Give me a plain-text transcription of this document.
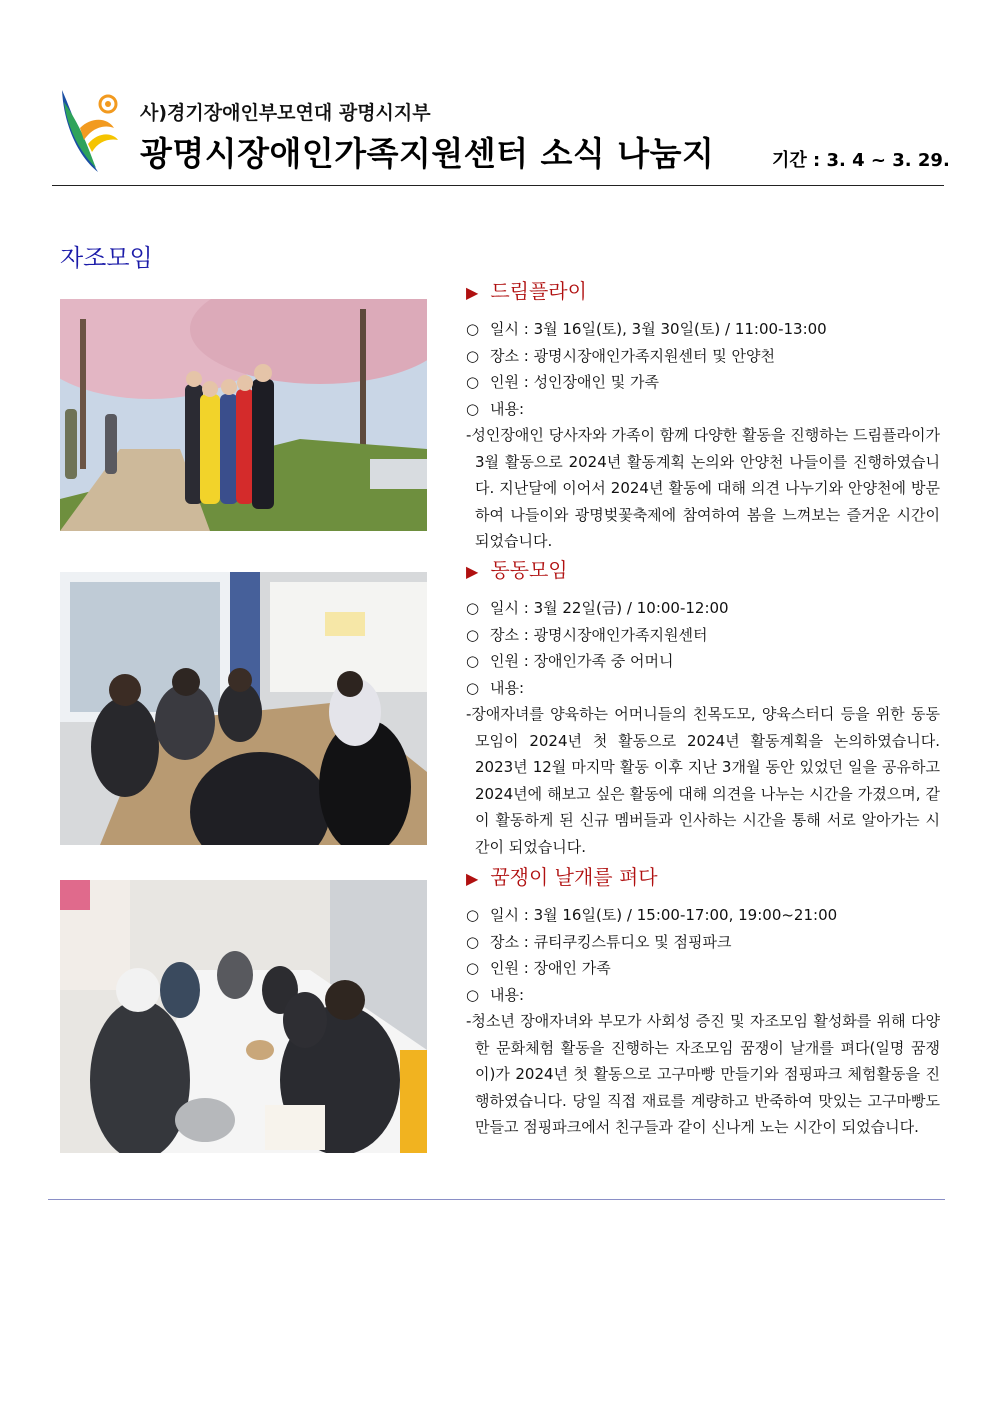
사)경기장애인부모연대 광명시지부
광명시장애인가족지원센터 소식 나눔지	기간 : 3. 4 ~ 3. 29.
자조모임
▶ 드림플라이
○ 일시 : 3월 16일(토), 3월 30일(토) / 11:00-13:00
○ 장소 : 광명시장애인가족지원센터 및 안양천
○ 인원 : 성인장애인 및 가족
○ 내용:
-성인장애인 당사자와 가족이 함께 다양한 활동을 진행하는 드림플라이가 3월 활동으로 2024년 활동계획 논의와 안양천 나들이를 진행하였습니다. 지난달에 이어서 2024년 활동에 대해 의견 나누기와 안양천에 방문하여 나들이와 광명벚꽃축제에 참여하여 봄을 느껴보는 즐거운 시간이 되었습니다.
▶ 동동모임
○ 일시 : 3월 22일(금) / 10:00-12:00
○ 장소 : 광명시장애인가족지원센터
○ 인원 : 장애인가족 중 어머니
○ 내용:
-장애자녀를 양육하는 어머니들의 친목도모, 양육스터디 등을 위한 동동모임이 2024년 첫 활동으로 2024년 활동계획을 논의하였습니다. 2023년 12월 마지막 활동 이후 지난 3개월 동안 있었던 일을 공유하고 2024년에 해보고 싶은 활동에 대해 의견을 나누는 시간을 가졌으며, 같이 활동하게 된 신규 멤버들과 인사하는 시간을 통해 서로 알아가는 시간이 되었습니다.
▶ 꿈쟁이 날개를 펴다
○ 일시 : 3월 16일(토) / 15:00-17:00, 19:00~21:00
○ 장소 : 큐티쿠킹스튜디오 및 점핑파크
○ 인원 : 장애인 가족
○ 내용:
-청소년 장애자녀와 부모가 사회성 증진 및 자조모임 활성화를 위해 다양한 문화체험 활동을 진행하는 자조모임 꿈쟁이 날개를 펴다(일명 꿈쟁이)가 2024년 첫 활동으로 고구마빵 만들기와 점핑파크 체험활동을 진행하였습니다. 당일 직접 재료를 계량하고 반죽하여 맛있는 고구마빵도 만들고 점핑파크에서 친구들과 같이 신나게 노는 시간이 되었습니다.
